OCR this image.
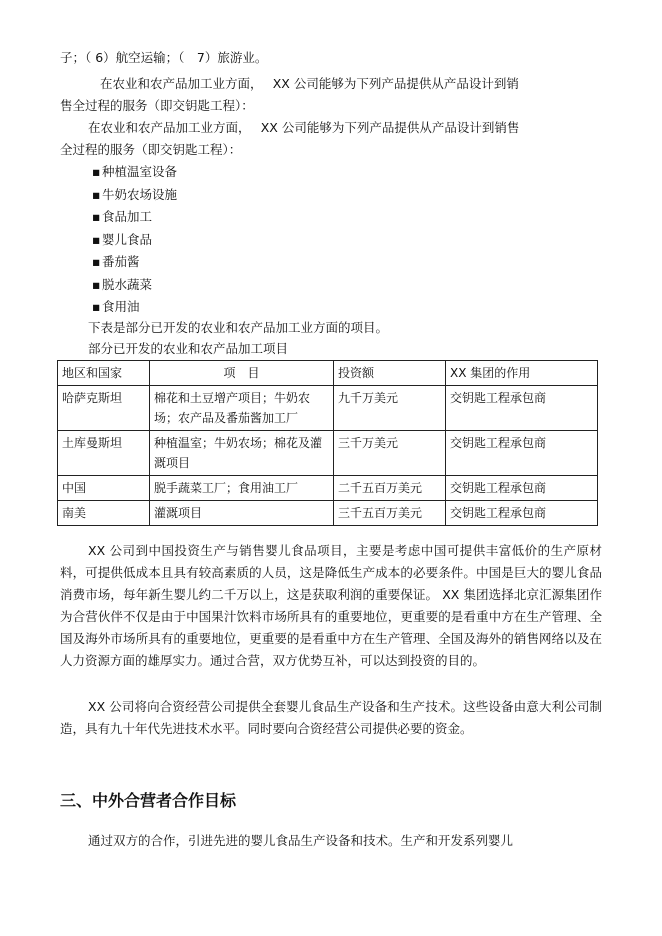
子；（ 6）航空运输；（　7）旅游业。
在农业和农产品加工业方面，　 XX 公司能够为下列产品提供从产品设计到销
售全过程的服务（即交钥匙工程）：
在农业和农产品加工业方面，　 XX 公司能够为下列产品提供从产品设计到销售
全过程的服务（即交钥匙工程）：
▪ 种植温室设备
▪ 牛奶农场设施
▪ 食品加工
▪ 婴儿食品
▪ 番茄酱
▪ 脱水蔬菜
▪ 食用油
下表是部分已开发的农业和农产品加工业方面的项目。
部分已开发的农业和农产品加工项目
地区和国家	项　目	投资额	XX 集团的作用
哈萨克斯坦	棉花和土豆增产项目；牛奶农场；农产品及番茄酱加工厂	九千万美元	交钥匙工程承包商
土库曼斯坦	种植温室；牛奶农场；棉花及灌溉项目	三千万美元	交钥匙工程承包商
中国	脱手蔬菜工厂；食用油工厂	二千五百万美元	交钥匙工程承包商
南美	灌溉项目	三千五百万美元	交钥匙工程承包商
XX 公司到中国投资生产与销售婴儿食品项目，主要是考虑中国可提供丰富低价的生产原材料，可提供低成本且具有较高素质的人员，这是降低生产成本的必要条件。中国是巨大的婴儿食品消费市场，每年新生婴儿约二千万以上，这是获取利润的重要保证。 XX 集团选择北京汇源集团作为合营伙伴不仅是由于中国果汁饮料市场所具有的重要地位，更重要的是看重中方在生产管理、全国及海外市场所具有的重要地位，更重要的是看重中方在生产管理、全国及海外的销售网络以及在人力资源方面的雄厚实力。通过合营，双方优势互补，可以达到投资的目的。
XX 公司将向合资经营公司提供全套婴儿食品生产设备和生产技术。这些设备由意大利公司制造，具有九十年代先进技术水平。同时要向合资经营公司提供必要的资金。
三、中外合营者合作目标
通过双方的合作，引进先进的婴儿食品生产设备和技术。生产和开发系列婴儿
